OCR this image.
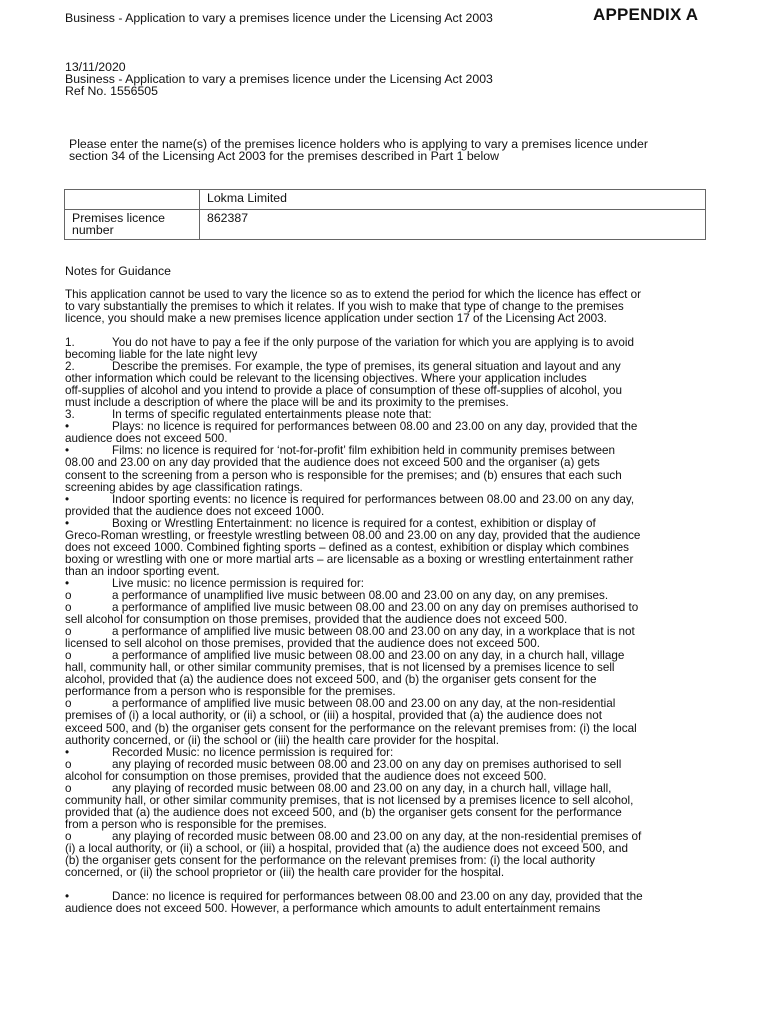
Business - Application to vary a premises licence under the Licensing Act 2003	APPENDIX A
13/11/2020
Business - Application to vary a premises licence under the Licensing Act 2003
Ref No. 1556505
Please enter the name(s) of the premises licence holders who is applying to vary a premises licence under
section 34 of the Licensing Act 2003 for the premises described in Part 1 below
	Lokma Limited

Premises licence number	862387
Notes for Guidance
This application cannot be used to vary the licence so as to extend the period for which the licence has effect or
to vary substantially the premises to which it relates. If you wish to make that type of change to the premises
licence, you should make a new premises licence application under section 17 of the Licensing Act 2003.
1.	You do not have to pay a fee if the only purpose of the variation for which you are applying is to avoid
becoming liable for the late night levy
2.	Describe the premises. For example, the type of premises, its general situation and layout and any
other information which could be relevant to the licensing objectives. Where your application includes
off-supplies of alcohol and you intend to provide a place of consumption of these off-supplies of alcohol, you
must include a description of where the place will be and its proximity to the premises.
3.	In terms of specific regulated entertainments please note that:
•	Plays: no licence is required for performances between 08.00 and 23.00 on any day, provided that the
audience does not exceed 500.
•	Films: no licence is required for ‘not-for-profit’ film exhibition held in community premises between
08.00 and 23.00 on any day provided that the audience does not exceed 500 and the organiser (a) gets
consent to the screening from a person who is responsible for the premises; and (b) ensures that each such
screening abides by age classification ratings.
•	Indoor sporting events: no licence is required for performances between 08.00 and 23.00 on any day,
provided that the audience does not exceed 1000.
•	Boxing or Wrestling Entertainment: no licence is required for a contest, exhibition or display of
Greco-Roman wrestling, or freestyle wrestling between 08.00 and 23.00 on any day, provided that the audience
does not exceed 1000. Combined fighting sports – defined as a contest, exhibition or display which combines
boxing or wrestling with one or more martial arts – are licensable as a boxing or wrestling entertainment rather
than an indoor sporting event.
•	Live music: no licence permission is required for:
o	a performance of unamplified live music between 08.00 and 23.00 on any day, on any premises.
o	a performance of amplified live music between 08.00 and 23.00 on any day on premises authorised to
sell alcohol for consumption on those premises, provided that the audience does not exceed 500.
o	a performance of amplified live music between 08.00 and 23.00 on any day, in a workplace that is not
licensed to sell alcohol on those premises, provided that the audience does not exceed 500.
o	a performance of amplified live music between 08.00 and 23.00 on any day, in a church hall, village
hall, community hall, or other similar community premises, that is not licensed by a premises licence to sell
alcohol, provided that (a) the audience does not exceed 500, and (b) the organiser gets consent for the
performance from a person who is responsible for the premises.
o	a performance of amplified live music between 08.00 and 23.00 on any day, at the non-residential
premises of (i) a local authority, or (ii) a school, or (iii) a hospital, provided that (a) the audience does not
exceed 500, and (b) the organiser gets consent for the performance on the relevant premises from: (i) the local
authority concerned, or (ii) the school or (iii) the health care provider for the hospital.
•	Recorded Music: no licence permission is required for:
o	any playing of recorded music between 08.00 and 23.00 on any day on premises authorised to sell
alcohol for consumption on those premises, provided that the audience does not exceed 500.
o	any playing of recorded music between 08.00 and 23.00 on any day, in a church hall, village hall,
community hall, or other similar community premises, that is not licensed by a premises licence to sell alcohol,
provided that (a) the audience does not exceed 500, and (b) the organiser gets consent for the performance
from a person who is responsible for the premises.
o	any playing of recorded music between 08.00 and 23.00 on any day, at the non-residential premises of
(i) a local authority, or (ii) a school, or (iii) a hospital, provided that (a) the audience does not exceed 500, and
(b) the organiser gets consent for the performance on the relevant premises from: (i) the local authority
concerned, or (ii) the school proprietor or (iii) the health care provider for the hospital.
•	Dance: no licence is required for performances between 08.00 and 23.00 on any day, provided that the
audience does not exceed 500. However, a performance which amounts to adult entertainment remains
